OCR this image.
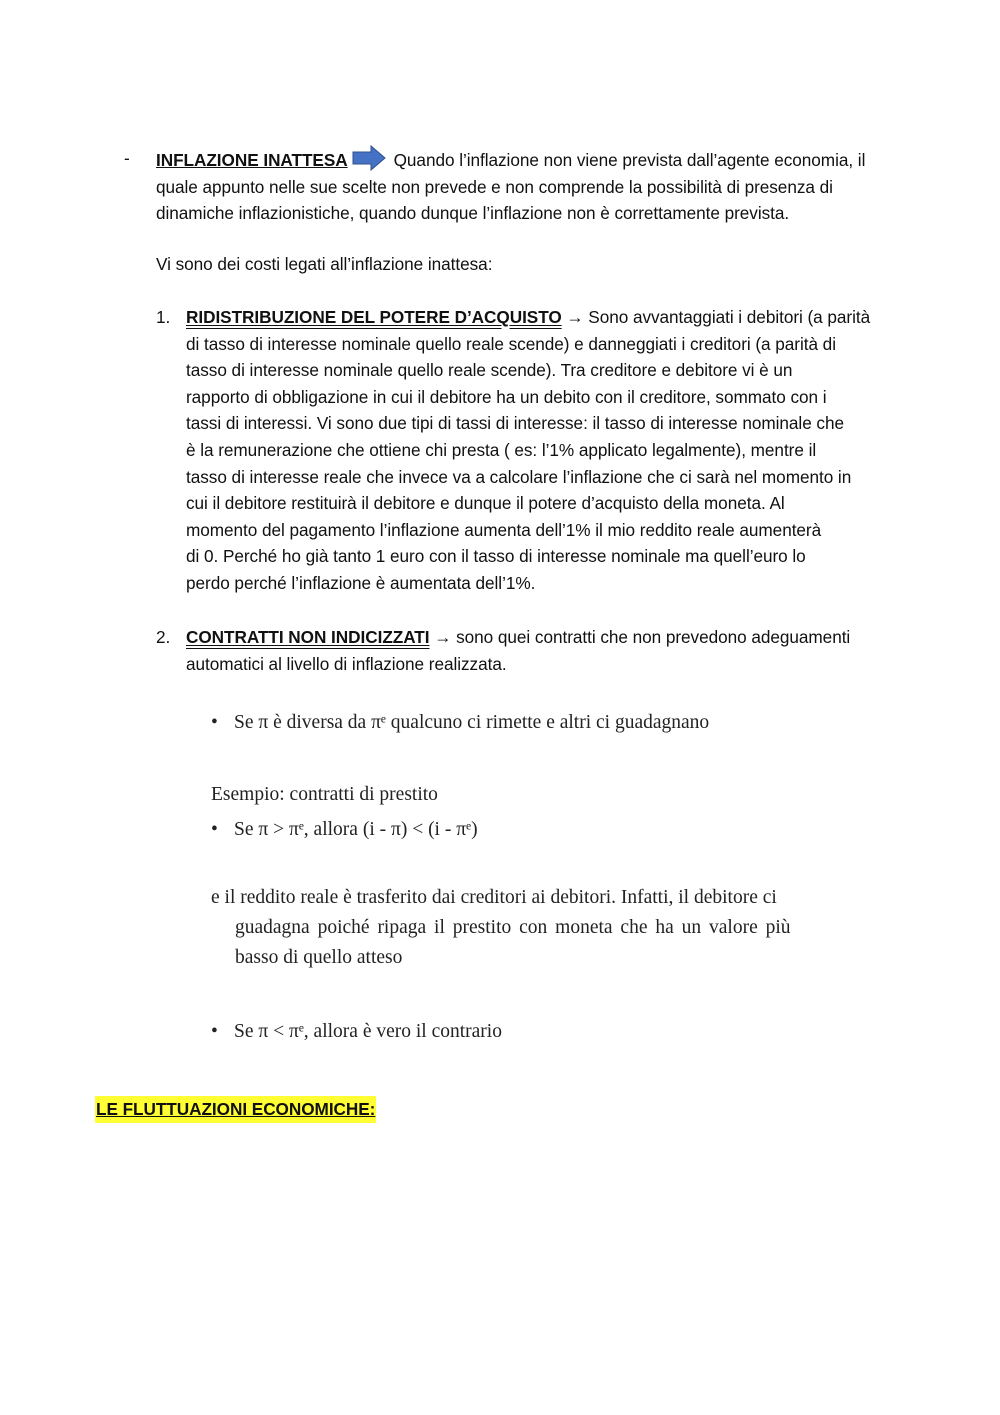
- INFLAZIONE INATTESA	Quando l’inflazione non viene prevista dall’agente economia, il
quale appunto nelle sue scelte non prevede e non comprende la possibilità di presenza di
dinamiche inflazionistiche, quando dunque l’inflazione non è correttamente prevista.
Vi sono dei costi legati all’inflazione inattesa:
1. RIDISTRIBUZIONE DEL POTERE D’ACQUISTO → Sono avvantaggiati i debitori (a parità
di tasso di interesse nominale quello reale scende) e danneggiati i creditori (a parità di
tasso di interesse nominale quello reale scende). Tra creditore e debitore vi è un
rapporto di obbligazione in cui il debitore ha un debito con il creditore, sommato con i
tassi di interessi. Vi sono due tipi di tassi di interesse: il tasso di interesse nominale che
è la remunerazione che ottiene chi presta ( es: l’1% applicato legalmente), mentre il
tasso di interesse reale che invece va a calcolare l’inflazione che ci sarà nel momento in
cui il debitore restituirà il debitore e dunque il potere d’acquisto della moneta. Al
momento del pagamento l’inflazione aumenta dell’1% il mio reddito reale aumenterà
di 0. Perché ho già tanto 1 euro con il tasso di interesse nominale ma quell’euro lo
perdo perché l’inflazione è aumentata dell’1%.
2. CONTRATTI NON INDICIZZATI → sono quei contratti che non prevedono adeguamenti
automatici al livello di inflazione realizzata.
• Se π è diversa da πᵉ qualcuno ci rimette e altri ci guadagnano
Esempio: contratti di prestito
• Se π > πᵉ, allora (i - π) < (i - πᵉ)
e il reddito reale è trasferito dai creditori ai debitori. Infatti, il debitore ci
guadagna poiché ripaga il prestito con moneta che ha un valore più
basso di quello atteso
• Se π < πᵉ, allora è vero il contrario
LE FLUTTUAZIONI ECONOMICHE:
